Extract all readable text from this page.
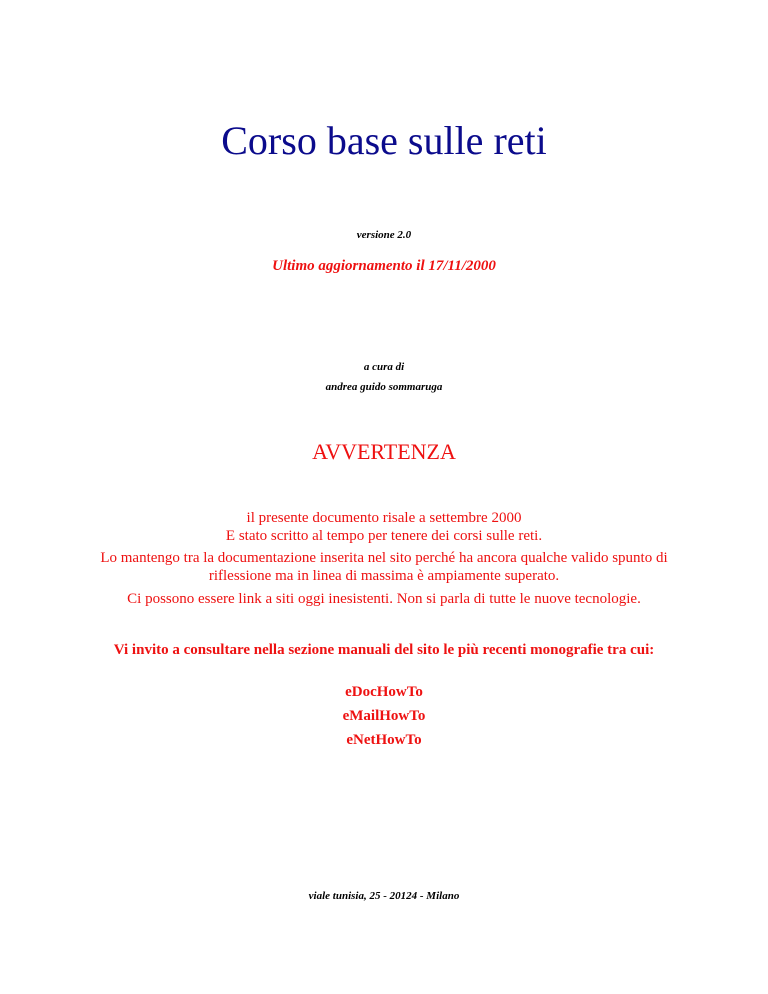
Corso base sulle reti

versione 2.0

Ultimo aggiornamento il 17/11/2000

a cura di

andrea guido sommaruga

AVVERTENZA

il presente documento risale a settembre 2000

E stato scritto al tempo per tenere dei corsi sulle reti.

Lo mantengo tra la documentazione inserita nel sito perché ha ancora qualche valido spunto di

riflessione ma in linea di massima è ampiamente superato.

Ci possono essere link a siti oggi inesistenti. Non si parla di tutte le nuove tecnologie.

Vi invito a consultare nella sezione manuali del sito le più recenti monografie tra cui:

eDocHowTo

eMailHowTo

eNetHowTo

viale tunisia, 25 - 20124 - Milano
